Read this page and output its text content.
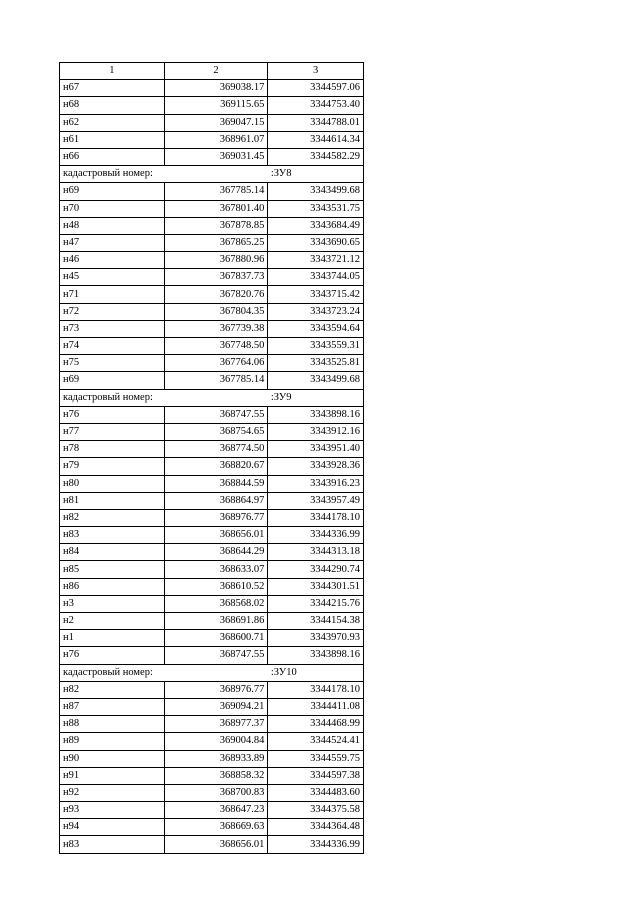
1	2	3
н67	369038.17	3344597.06
н68	369115.65	3344753.40
н62	369047.15	3344788.01
н61	368961.07	3344614.34
н66	369031.45	3344582.29
кадастровый номер:		:ЗУ8
н69	367785.14	3343499.68
н70	367801.40	3343531.75
н48	367878.85	3343684.49
н47	367865.25	3343690.65
н46	367880.96	3343721.12
н45	367837.73	3343744.05
н71	367820.76	3343715.42
н72	367804.35	3343723.24
н73	367739.38	3343594.64
н74	367748.50	3343559.31
н75	367764.06	3343525.81
н69	367785.14	3343499.68
кадастровый номер:		:ЗУ9
н76	368747.55	3343898.16
н77	368754.65	3343912.16
н78	368774.50	3343951.40
н79	368820.67	3343928.36
н80	368844.59	3343916.23
н81	368864.97	3343957.49
н82	368976.77	3344178.10
н83	368656.01	3344336.99
н84	368644.29	3344313.18
н85	368633.07	3344290.74
н86	368610.52	3344301.51
н3	368568.02	3344215.76
н2	368691.86	3344154.38
н1	368600.71	3343970.93
н76	368747.55	3343898.16
кадастровый номер:		:ЗУ10
н82	368976.77	3344178.10
н87	369094.21	3344411.08
н88	368977.37	3344468.99
н89	369004.84	3344524.41
н90	368933.89	3344559.75
н91	368858.32	3344597.38
н92	368700.83	3344483.60
н93	368647.23	3344375.58
н94	368669.63	3344364.48
н83	368656.01	3344336.99
